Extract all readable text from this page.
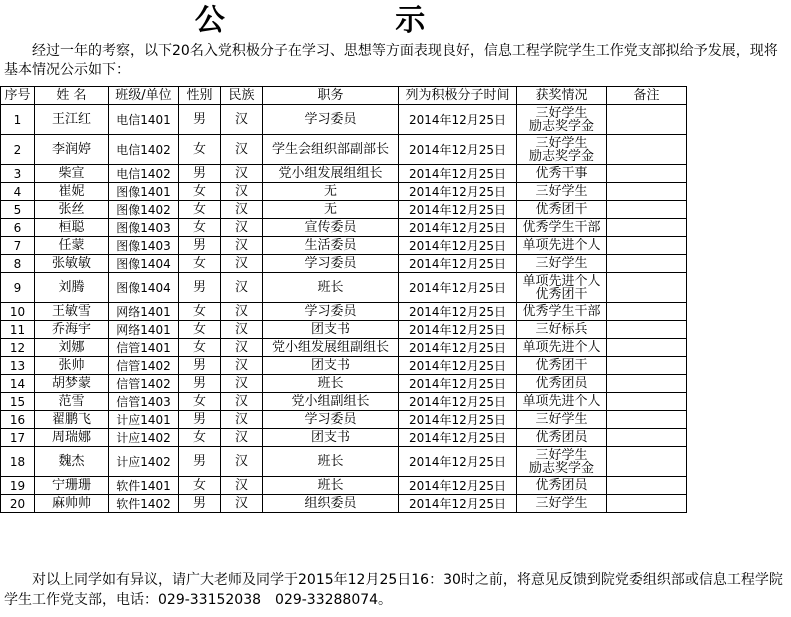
公 示
经过一年的考察，以下20名入党积极分子在学习、思想等方面表现良好，信息工程学院学生工作党支部拟给予发展，现将基本情况公示如下：
序号	姓 名	班级/单位	性别	民族	职务	列为积极分子时间	获奖情况	备注
1	王江红	电信1401	男	汉	学习委员	2014年12月25日	三好学生
励志奖学金	

2	李润婷	电信1402	女	汉	学生会组织部副部长	2014年12月25日	三好学生
励志奖学金	

3	柴宣	电信1402	男	汉	党小组发展组组长	2014年12月25日	优秀干事	

4	崔妮	图像1401	女	汉	无	2014年12月25日	三好学生	

5	张丝	图像1402	女	汉	无	2014年12月25日	优秀团干	

6	桓聪	图像1403	女	汉	宣传委员	2014年12月25日	优秀学生干部	

7	任蒙	图像1403	男	汉	生活委员	2014年12月25日	单项先进个人	

8	张敏敏	图像1404	女	汉	学习委员	2014年12月25日	三好学生	

9	刘腾	图像1404	男	汉	班长	2014年12月25日	单项先进个人
优秀团干	

10	王敏雪	网络1401	女	汉	学习委员	2014年12月25日	优秀学生干部	

11	乔海宇	网络1401	女	汉	团支书	2014年12月25日	三好标兵	

12	刘娜	信管1401	女	汉	党小组发展组副组长	2014年12月25日	单项先进个人	

13	张帅	信管1402	男	汉	团支书	2014年12月25日	优秀团干	

14	胡梦蒙	信管1402	男	汉	班长	2014年12月25日	优秀团员	

15	范雪	信管1403	女	汉	党小组副组长	2014年12月25日	单项先进个人	

16	翟鹏飞	计应1401	男	汉	学习委员	2014年12月25日	三好学生	

17	周瑞娜	计应1402	女	汉	团支书	2014年12月25日	优秀团员	

18	魏杰	计应1402	男	汉	班长	2014年12月25日	三好学生
励志奖学金	

19	宁珊珊	软件1401	女	汉	班长	2014年12月25日	优秀团员	

20	麻帅帅	软件1402	男	汉	组织委员	2014年12月25日	三好学生	

对以上同学如有异议，请广大老师及同学于2015年12月25日16：30时之前，将意见反馈到院党委组织部或信息工程学院学生工作党支部，电话：029-33152038　029-33288074。
